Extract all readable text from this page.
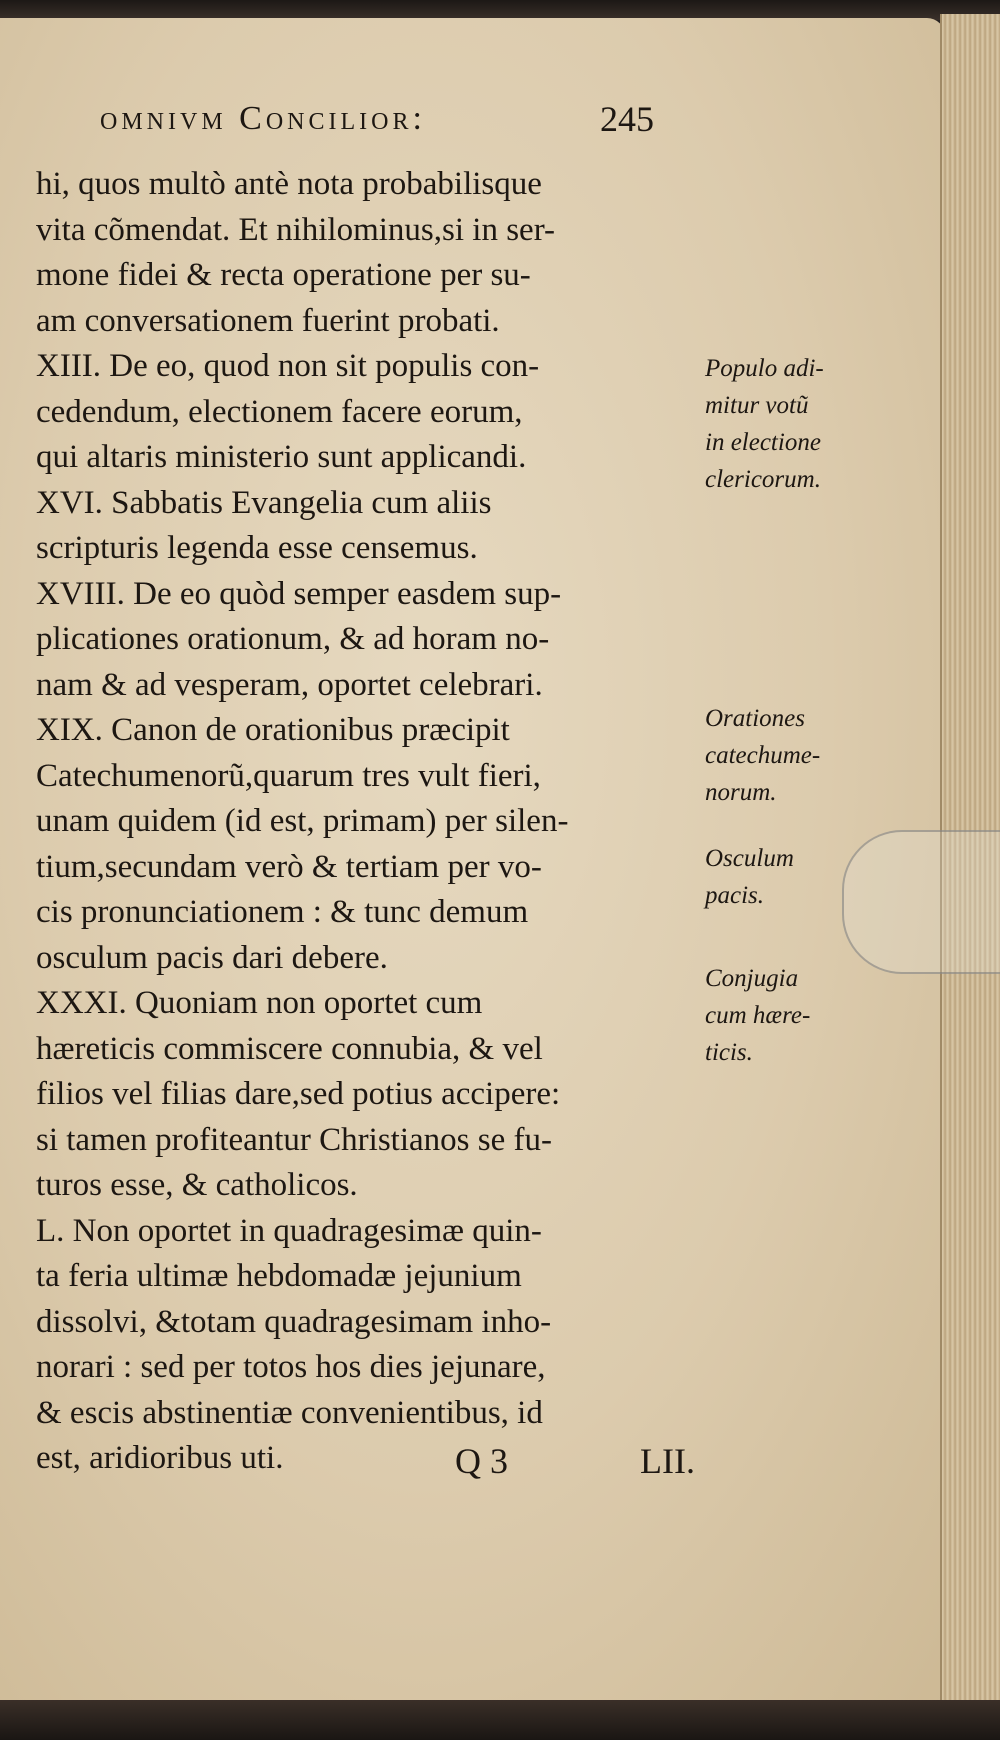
omnivm Concilior:	245
hi, quos multò antè nota probabilisque
vita cõmendat. Et nihilominus,si in ser-
mone fidei & recta operatione per su-
am conversationem fuerint probati.
XIII. De eo, quod non sit populis con-
cedendum, electionem facere eorum,
qui altaris ministerio sunt applicandi.
XVI. Sabbatis Evangelia cum aliis
scripturis legenda esse censemus.
XVIII. De eo quòd semper easdem sup-
plicationes orationum, & ad horam no-
nam & ad vesperam, oportet celebrari.
XIX. Canon de orationibus præcipit
Catechumenorũ,quarum tres vult fieri,
unam quidem (id est, primam) per silen-
tium,secundam verò & tertiam per vo-
cis pronunciationem : & tunc demum
osculum pacis dari debere.
XXXI. Quoniam non oportet cum
hæreticis commiscere connubia, & vel
filios vel filias dare,sed potius accipere:
si tamen profiteantur Christianos se fu-
turos esse, & catholicos.
L. Non oportet in quadragesimæ quin-
ta feria ultimæ hebdomadæ jejunium
dissolvi, &totam quadragesimam inho-
norari : sed per totos hos dies jejunare,
& escis abstinentiæ convenientibus, id
est, aridioribus uti.
Populo adi-
mitur votũ
in electione
clericorum.
Orationes
catechume-
norum.
Osculum
pacis.
Conjugia
cum hære-
ticis.
Q 3	LII.
